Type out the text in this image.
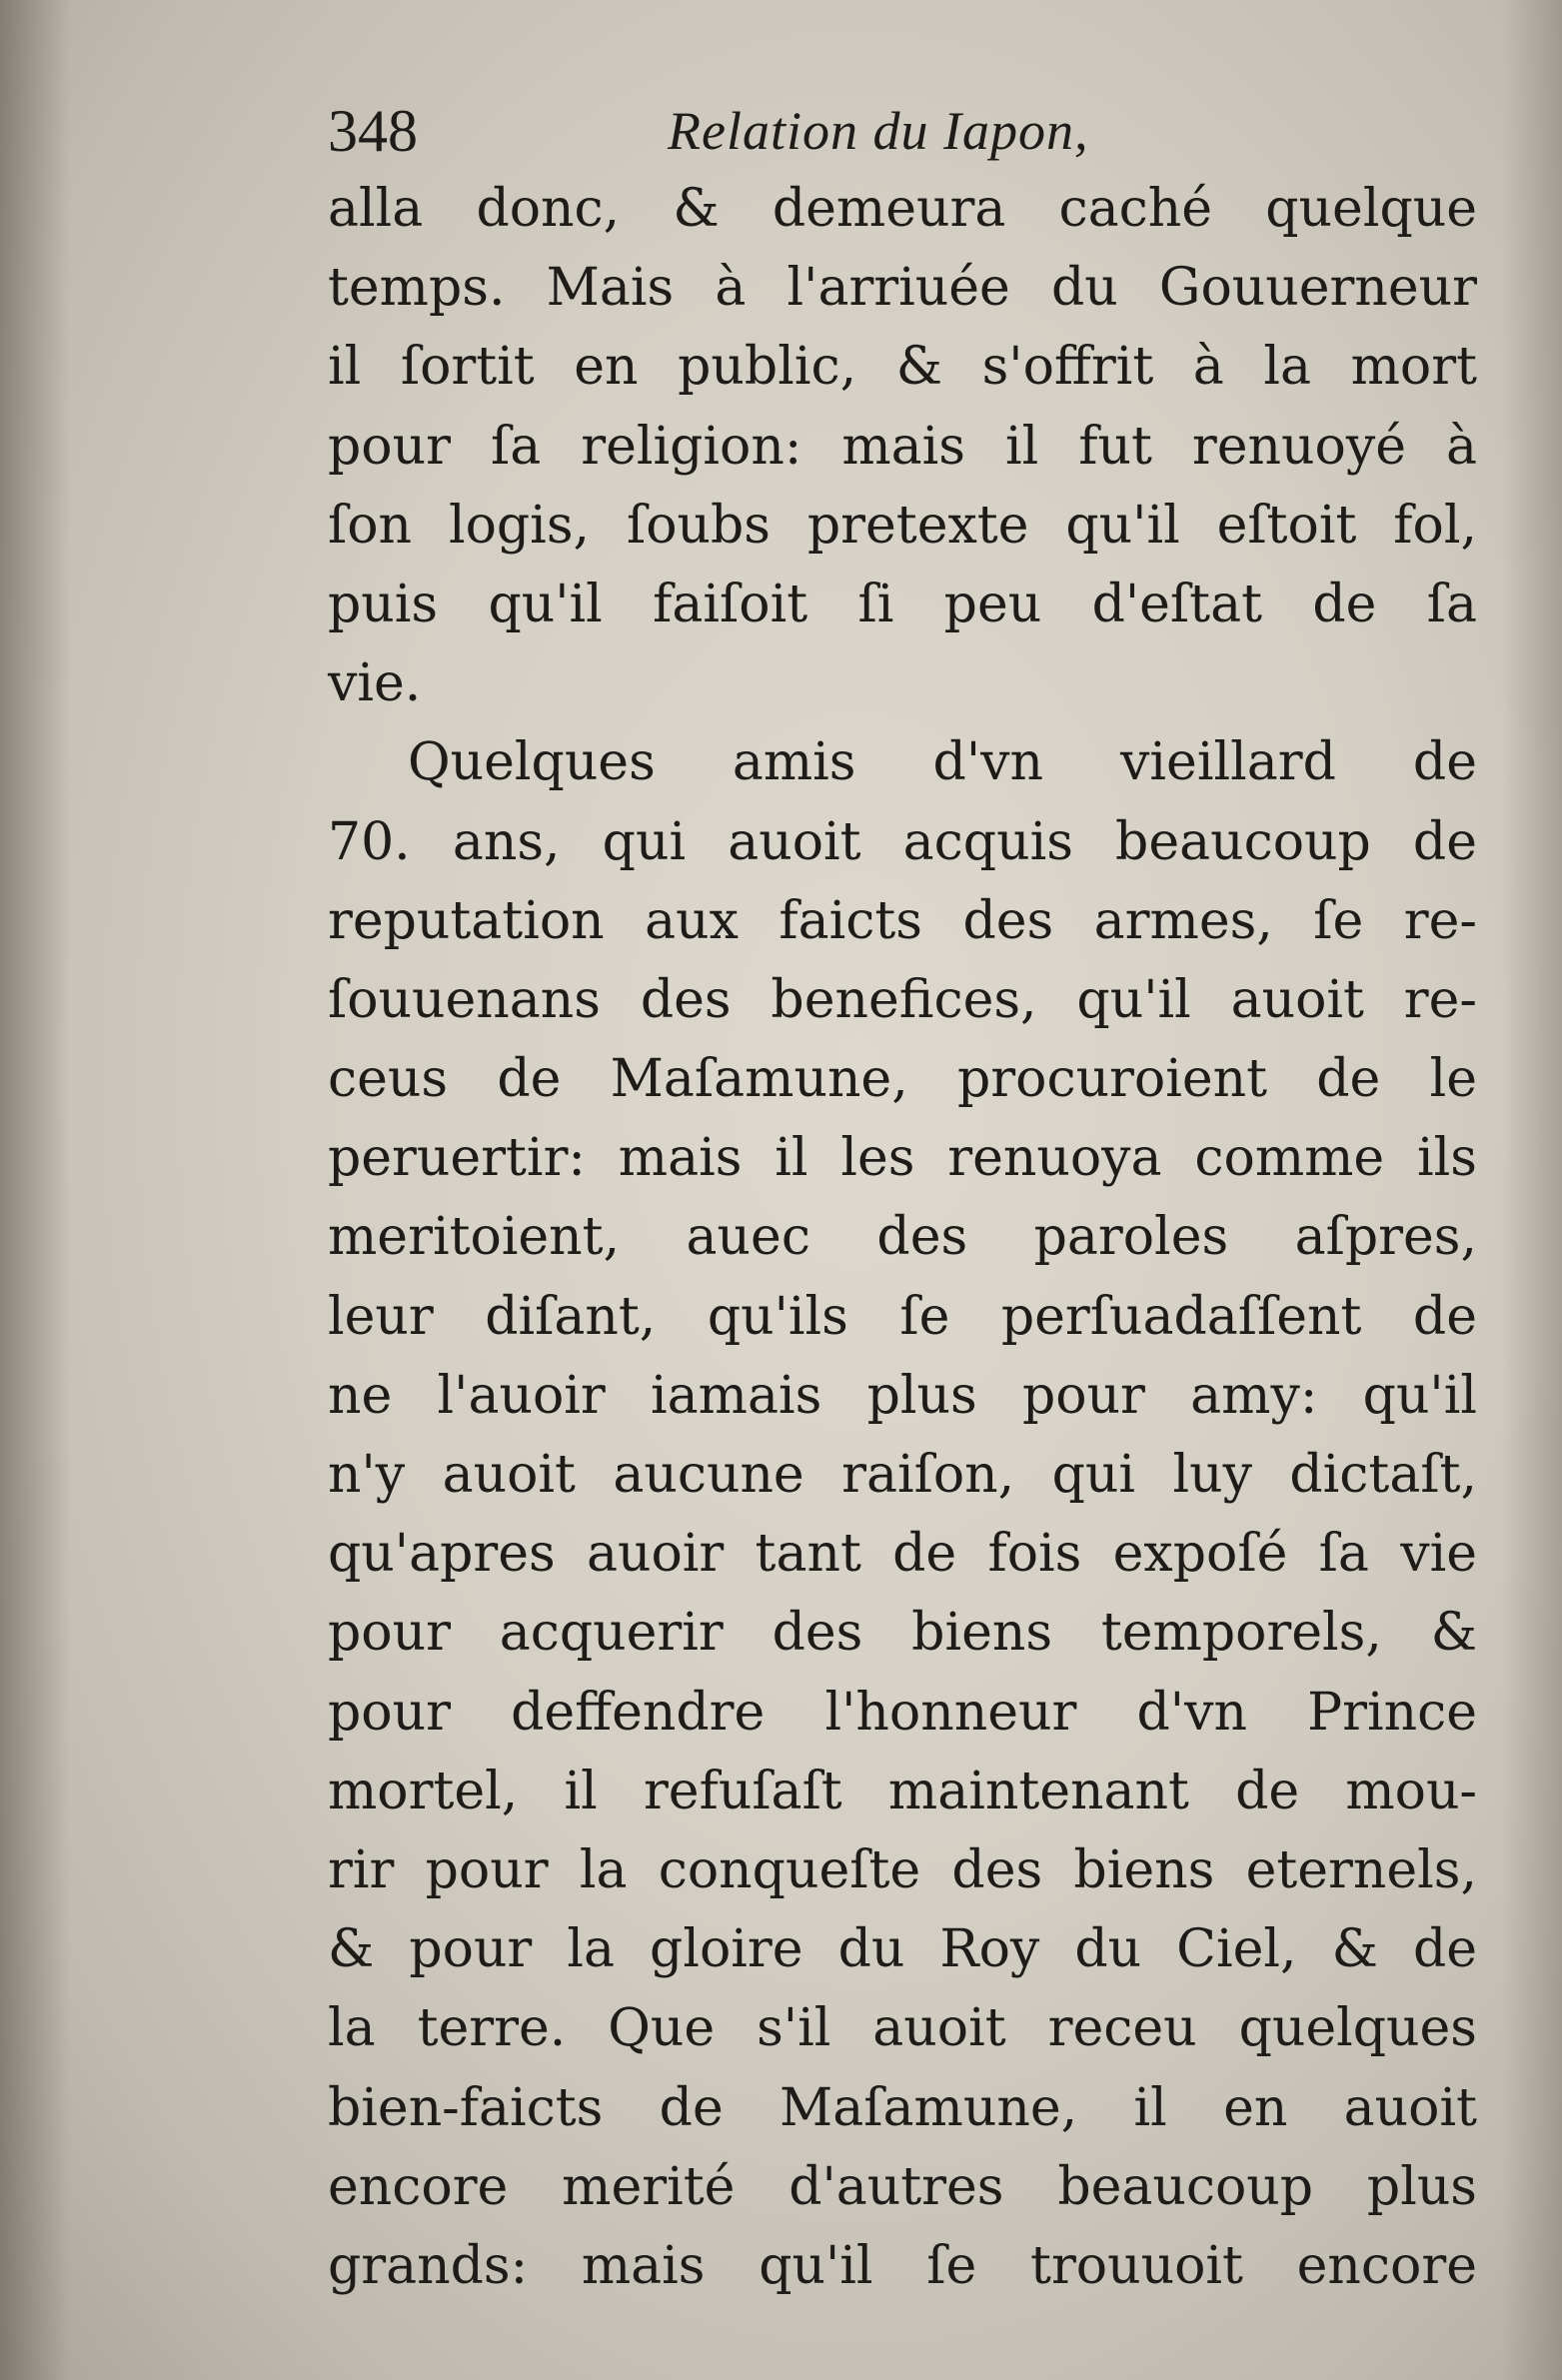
348	Relation du Iapon,
alla donc, & demeura caché quelque
temps. Mais à l'arriuée du Gouuerneur
il ſortit en public, & s'offrit à la mort
pour ſa religion: mais il fut renuoyé à
ſon logis, ſoubs pretexte qu'il eſtoit fol,
puis qu'il faiſoit ſi peu d'eſtat de ſa
vie.
Quelques amis d'vn vieillard de
70. ans, qui auoit acquis beaucoup de
reputation aux faicts des armes, ſe re-
ſouuenans des benefices, qu'il auoit re-
ceus de Maſamune, procuroient de le
peruertir: mais il les renuoya comme ils
meritoient, auec des paroles aſpres,
leur diſant, qu'ils ſe perſuadaſſent de
ne l'auoir iamais plus pour amy: qu'il
n'y auoit aucune raiſon, qui luy dictaſt,
qu'apres auoir tant de fois expoſé ſa vie
pour acquerir des biens temporels, &
pour deffendre l'honneur d'vn Prince
mortel, il refuſaſt maintenant de mou-
rir pour la conqueſte des biens eternels,
& pour la gloire du Roy du Ciel, & de
la terre. Que s'il auoit receu quelques
bien-faicts de Maſamune, il en auoit
encore merité d'autres beaucoup plus
grands: mais qu'il ſe trouuoit encore
